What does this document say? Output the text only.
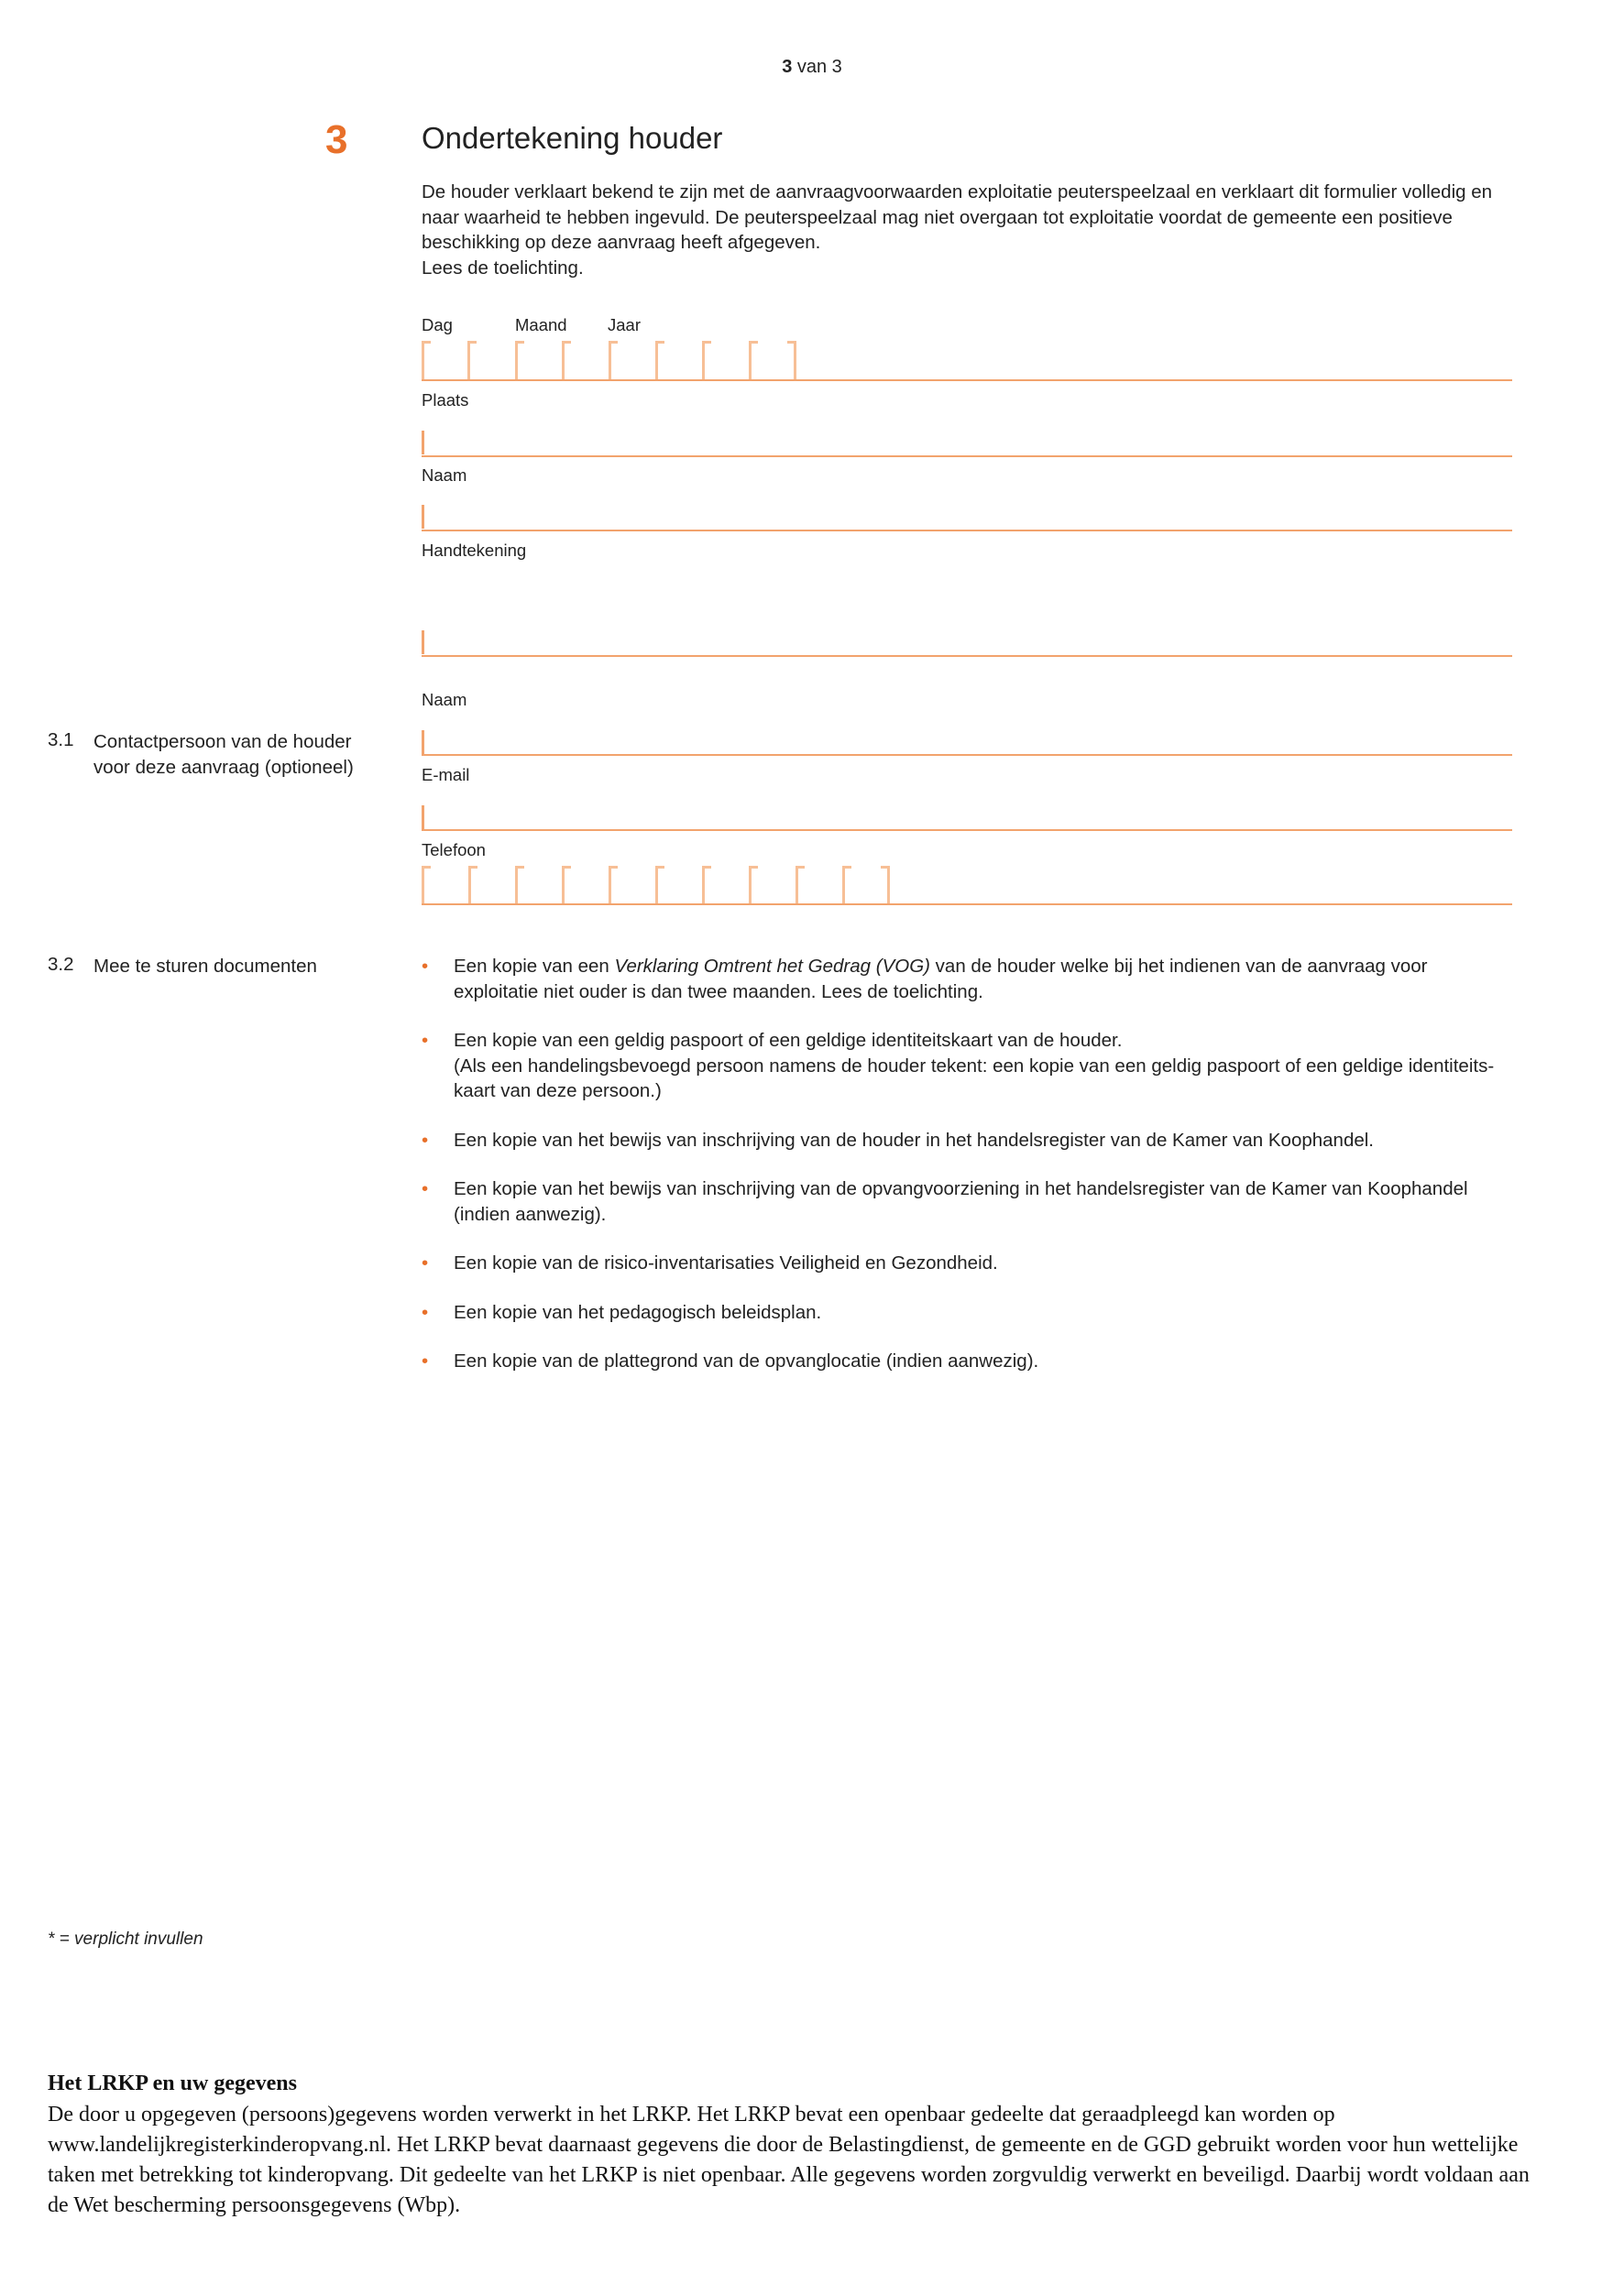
3 van 3
3 Ondertekening houder
De houder verklaart bekend te zijn met de aanvraagvoorwaarden exploitatie peuterspeelzaal en verklaart dit formulier volledig en naar waarheid te hebben ingevuld. De peuterspeelzaal mag niet overgaan tot exploitatie voordat de gemeente een positieve beschikking op deze aanvraag heeft afgegeven.
Lees de toelichting.
Dag	Maand Jaar
Plaats
Naam
Handtekening
3.1 Contactpersoon van de houder voor deze aanvraag (optioneel)
Naam
E-mail
Telefoon
3.2 Mee te sturen documenten	• Een kopie van een Verklaring Omtrent het Gedrag (VOG) van de houder welke bij het indienen van de aanvraag voor exploitatie niet ouder is dan twee maanden. Lees de toelichting.
• Een kopie van een geldig paspoort of een geldige identiteitskaart van de houder.
(Als een handelingsbevoegd persoon namens de houder tekent: een kopie van een geldig paspoort of een geldige identiteits-kaart van deze persoon.)
• Een kopie van het bewijs van inschrijving van de houder in het handelsregister van de Kamer van Koophandel.
• Een kopie van het bewijs van inschrijving van de opvangvoorziening in het handelsregister van de Kamer van Koophandel (indien aanwezig).
• Een kopie van de risico-inventarisaties Veiligheid en Gezondheid.
• Een kopie van het pedagogisch beleidsplan.
• Een kopie van de plattegrond van de opvanglocatie (indien aanwezig).
* = verplicht invullen
Het LRKP en uw gegevens
De door u opgegeven (persoons)gegevens worden verwerkt in het LRKP. Het LRKP bevat een openbaar gedeelte dat geraadpleegd kan worden op www.landelijkregisterkinderopvang.nl. Het LRKP bevat daarnaast gegevens die door de Belastingdienst, de gemeente en de GGD gebruikt worden voor hun wettelijke taken met betrekking tot kinderopvang. Dit gedeelte van het LRKP is niet openbaar. Alle gegevens worden zorgvuldig verwerkt en beveiligd. Daarbij wordt voldaan aan de Wet bescherming persoonsgegevens (Wbp).
